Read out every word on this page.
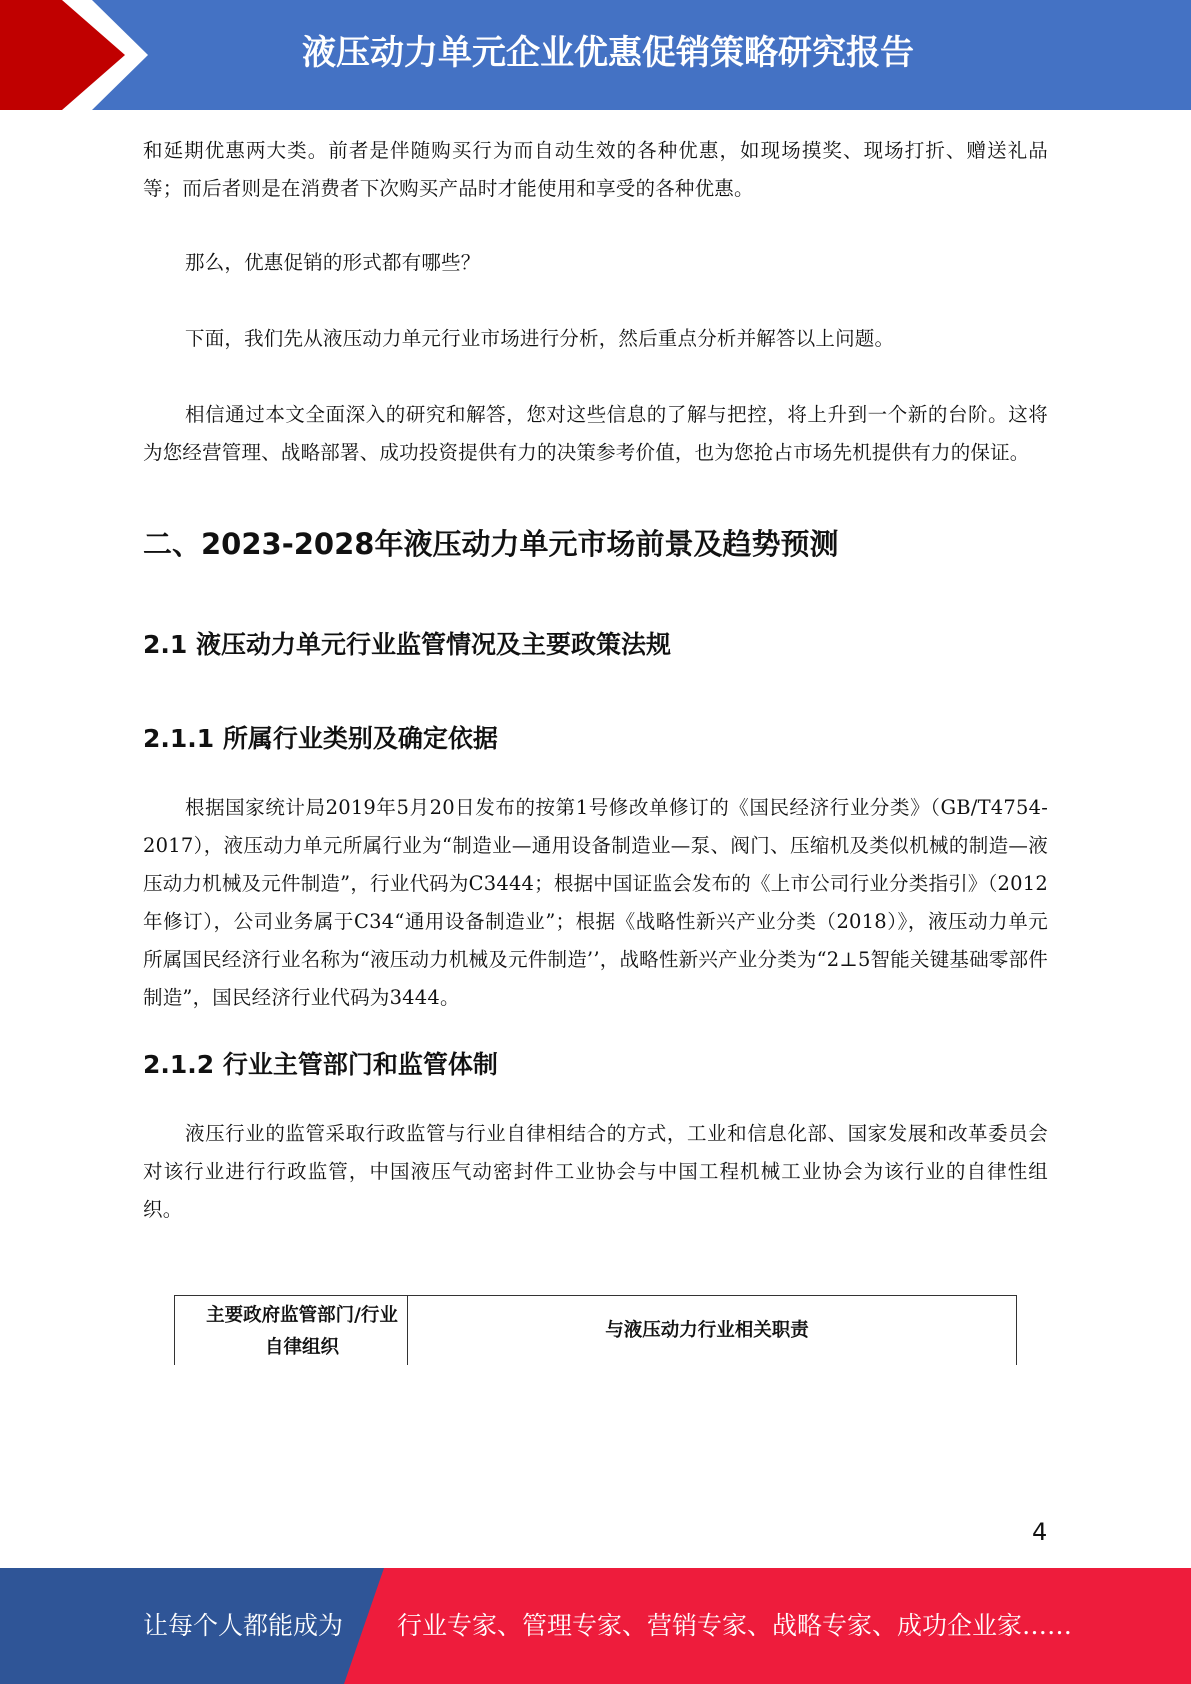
液压动力单元企业优惠促销策略研究报告

和延期优惠两大类。前者是伴随购买行为而自动生效的各种优惠，如现场摸奖、现场打折、赠送礼品等；而后者则是在消费者下次购买产品时才能使用和享受的各种优惠。

那么，优惠促销的形式都有哪些？

下面，我们先从液压动力单元行业市场进行分析，然后重点分析并解答以上问题。

相信通过本文全面深入的研究和解答，您对这些信息的了解与把控，将上升到一个新的台阶。这将为您经营管理、战略部署、成功投资提供有力的决策参考价值，也为您抢占市场先机提供有力的保证。

二、2023-2028年液压动力单元市场前景及趋势预测
2.1 液压动力单元行业监管情况及主要政策法规
2.1.1 所属行业类别及确定依据

根据国家统计局2019年5月20日发布的按第1号修改单修订的《国民经济行业分类》（GB/T4754-2017），液压动力单元所属行业为“制造业—通用设备制造业—泵、阀门、压缩机及类似机械的制造—液压动力机械及元件制造”，行业代码为C3444；根据中国证监会发布的《上市公司行业分类指引》（2012年修订），公司业务属于C34“通用设备制造业”；根据《战略性新兴产业分类（2018）》，液压动力单元所属国民经济行业名称为“液压动力机械及元件制造’’，战略性新兴产业分类为“2⊥5智能关键基础零部件制造”，国民经济行业代码为3444。

2.1.2 行业主管部门和监管体制

液压行业的监管采取行政监管与行业自律相结合的方式，工业和信息化部、国家发展和改革委员会对该行业进行行政监管，中国液压气动密封件工业协会与中国工程机械工业协会为该行业的自律性组织。

主要政府监管部门/行业自律组织
与液压动力行业相关职责
4
让每个人都能成为 行业专家、管理专家、营销专家、战略专家、成功企业家……
